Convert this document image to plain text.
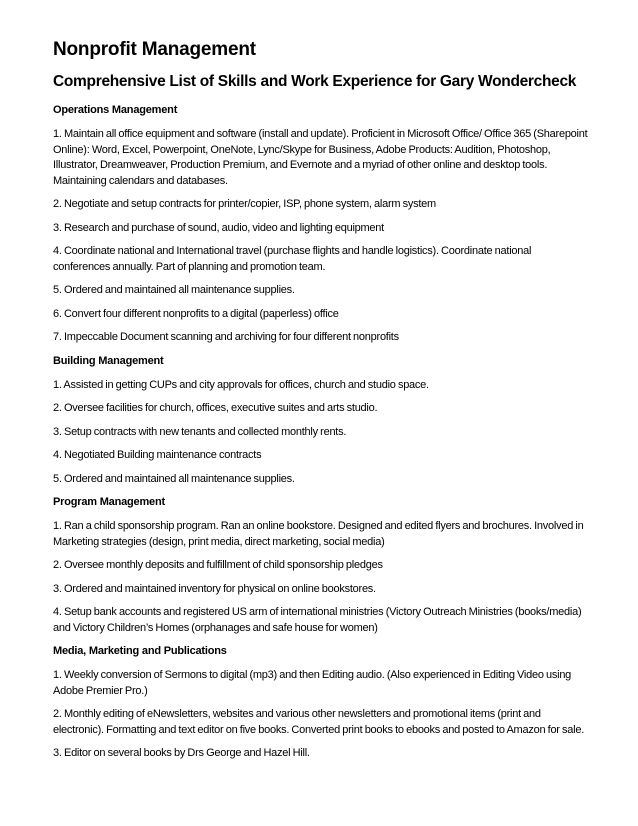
Nonprofit Management
Comprehensive List of Skills and Work Experience for Gary Wondercheck
Operations Management
1. Maintain all office equipment and software (install and update). Proficient in Microsoft Office/ Office 365 (Sharepoint Online): Word, Excel, Powerpoint, OneNote, Lync/Skype for Business, Adobe Products: Audition, Photoshop, Illustrator, Dreamweaver, Production Premium, and Evernote and a myriad of other online and desktop tools. Maintaining calendars and databases.
2. Negotiate and setup contracts for printer/copier, ISP, phone system, alarm system
3. Research and purchase of sound, audio, video and lighting equipment
4. Coordinate national and International travel (purchase flights and handle logistics). Coordinate national conferences annually. Part of planning and promotion team.
5. Ordered and maintained all maintenance supplies.
6. Convert four different nonprofits to a digital (paperless) office
7. Impeccable Document scanning and archiving for four different nonprofits
Building Management
1. Assisted in getting CUPs and city approvals for offices, church and studio space.
2. Oversee facilities for church, offices, executive suites and arts studio.
3. Setup contracts with new tenants and collected monthly rents.
4. Negotiated Building maintenance contracts
5. Ordered and maintained all maintenance supplies.
Program Management
1. Ran a child sponsorship program. Ran an online bookstore. Designed and edited flyers and brochures. Involved in Marketing strategies (design, print media, direct marketing, social media)
2. Oversee monthly deposits and fulfillment of child sponsorship pledges
3. Ordered and maintained inventory for physical on online bookstores.
4. Setup bank accounts and registered US arm of international ministries (Victory Outreach Ministries (books/media) and Victory Children’s Homes (orphanages and safe house for women)
Media, Marketing and Publications
1. Weekly conversion of Sermons to digital (mp3) and then Editing audio. (Also experienced in Editing Video using Adobe Premier Pro.)
2. Monthly editing of eNewsletters, websites and various other newsletters and promotional items (print and electronic). Formatting and text editor on five books. Converted print books to ebooks and posted to Amazon for sale.
3. Editor on several books by Drs George and Hazel Hill.
